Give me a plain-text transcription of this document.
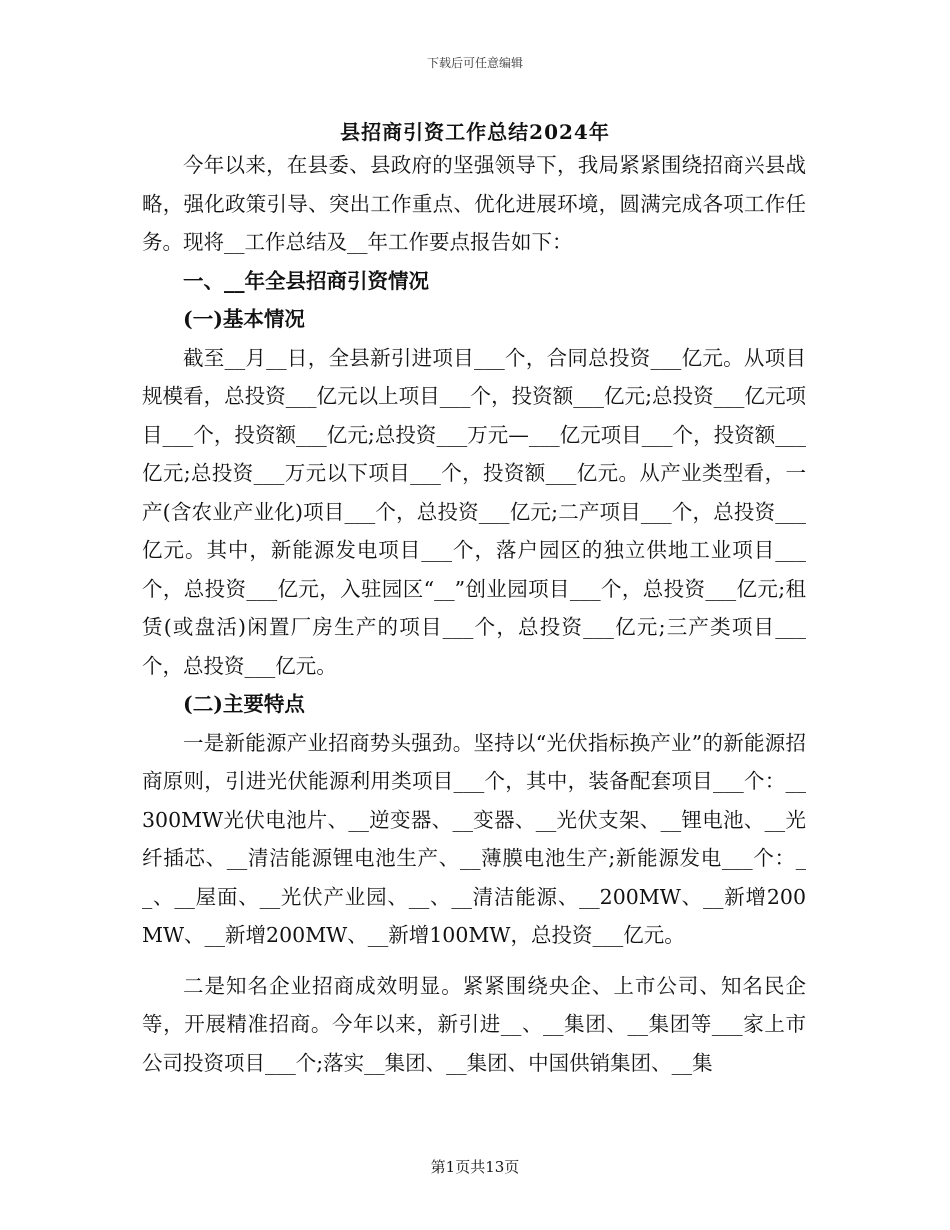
下载后可任意编辑
县招商引资工作总结2024年

今年以来，在县委、县政府的坚强领导下，我局紧紧围绕招商兴县战略，强化政策引导、突出工作重点、优化进展环境，圆满完成各项工作任务。现将__工作总结及__年工作要点报告如下：

一、__年全县招商引资情况

(一)基本情况

截至__月__日，全县新引进项目___个，合同总投资___亿元。从项目规模看，总投资___亿元以上项目___个，投资额___亿元;总投资___亿元项目___个，投资额___亿元;总投资___万元—___亿元项目___个，投资额___亿元;总投资___万元以下项目___个，投资额___亿元。从产业类型看，一产(含农业产业化)项目___个，总投资___亿元;二产项目___个，总投资___亿元。其中，新能源发电项目___个，落户园区的独立供地工业项目___个，总投资___亿元，入驻园区“__”创业园项目___个，总投资___亿元;租赁(或盘活)闲置厂房生产的项目___个，总投资___亿元;三产类项目___个，总投资___亿元。

(二)主要特点

一是新能源产业招商势头强劲。坚持以“光伏指标换产业”的新能源招商原则，引进光伏能源利用类项目___个，其中，装备配套项目___个：__300MW光伏电池片、__逆变器、__变器、__光伏支架、__锂电池、__光纤插芯、__清洁能源锂电池生产、__薄膜电池生产;新能源发电___个：__、__屋面、__光伏产业园、__、__清洁能源、__200MW、__新增200MW、__新增200MW、__新增100MW，总投资___亿元。

二是知名企业招商成效明显。紧紧围绕央企、上市公司、知名民企等，开展精准招商。今年以来，新引进__、__集团、__集团等___家上市公司投资项目___个;落实__集团、__集团、中国供销集团、__集

第1页共13页
